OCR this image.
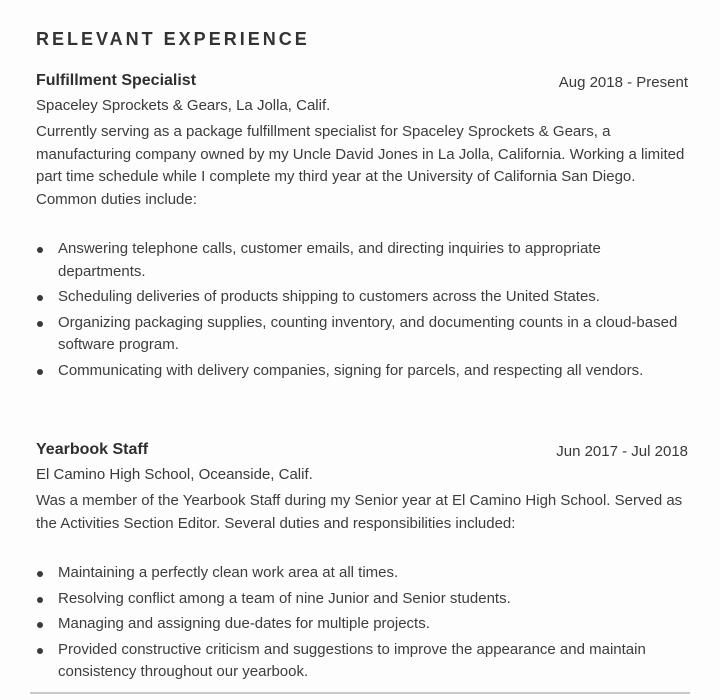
RELEVANT EXPERIENCE
Fulfillment Specialist	Aug 2018 - Present
Spaceley Sprockets & Gears, La Jolla, Calif.
Currently serving as a package fulfillment specialist for Spaceley Sprockets & Gears, a manufacturing company owned by my Uncle David Jones in La Jolla, California. Working a limited part time schedule while I complete my third year at the University of California San Diego. Common duties include:
Answering telephone calls, customer emails, and directing inquiries to appropriate departments.
Scheduling deliveries of products shipping to customers across the United States.
Organizing packaging supplies, counting inventory, and documenting counts in a cloud-based software program.
Communicating with delivery companies, signing for parcels, and respecting all vendors.
Yearbook Staff	Jun 2017 - Jul 2018
El Camino High School, Oceanside, Calif.
Was a member of the Yearbook Staff during my Senior year at El Camino High School. Served as the Activities Section Editor. Several duties and responsibilities included:
Maintaining a perfectly clean work area at all times.
Resolving conflict among a team of nine Junior and Senior students.
Managing and assigning due-dates for multiple projects.
Provided constructive criticism and suggestions to improve the appearance and maintain consistency throughout our yearbook.
